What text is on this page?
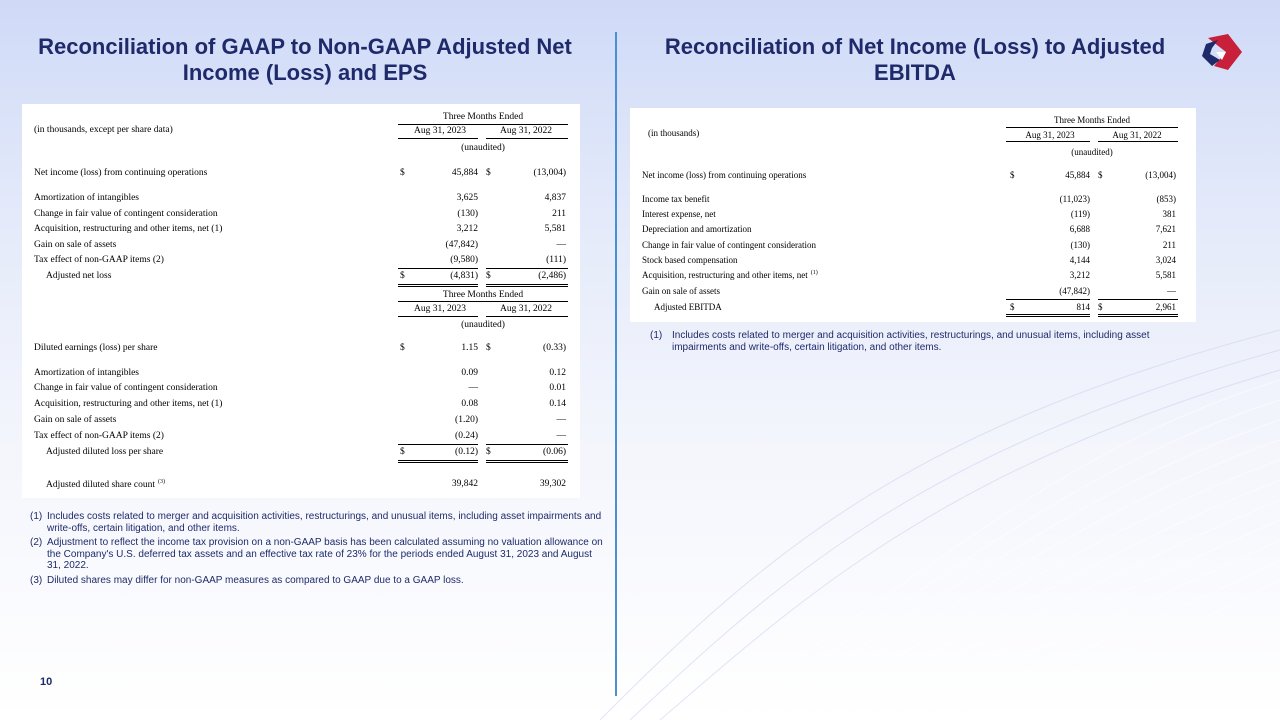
Reconciliation of GAAP to Non-GAAP Adjusted Net Income (Loss) and EPS
Reconciliation of Net Income (Loss) to Adjusted EBITDA
Three Months Ended
(in thousands, except per share data)	Aug 31, 2023	Aug 31, 2022
(unaudited)
Net income (loss) from continuing operations	$	45,884 $	(13,004)
Amortization of intangibles	3,625	4,837
Change in fair value of contingent consideration	(130)	211
Acquisition, restructuring and other items, net (1)	3,212	5,581
Gain on sale of assets	(47,842)	—
Tax effect of non-GAAP items (2)	(9,580)	(111)
Adjusted net loss	$	(4,831) $	(2,486)
Three Months Ended
Aug 31, 2023	Aug 31, 2022
(unaudited)
Diluted earnings (loss) per share	$	1.15 $	(0.33)
Amortization of intangibles	0.09	0.12
Change in fair value of contingent consideration	—	0.01
Acquisition, restructuring and other items, net (1)	0.08	0.14
Gain on sale of assets	(1.20)	—
Tax effect of non-GAAP items (2)	(0.24)	—
Adjusted diluted loss per share	$	(0.12) $	(0.06)
Adjusted diluted share count $^{(3)}$	39,842	39,302
Three Months Ended
(in thousands)	Aug 31, 2023	Aug 31, 2022
(unaudited)
Net income (loss) from continuing operations	$	45,884 $	(13,004)
Income tax benefit	(11,023)	(853)
Interest expense, net	(119)	381
Depreciation and amortization	6,688	7,621
Change in fair value of contingent consideration	(130)	211
Stock based compensation	4,144	3,024
Acquisition, restructuring and other items, net $^{(1)}$	3,212	5,581
Gain on sale of assets	(47,842)	—
Adjusted EBITDA	$	814 $	2,961
(1) Includes costs related to merger and acquisition activities, restructurings, and unusual items, including asset impairments and write-offs, certain litigation, and other items.
(2) Adjustment to reflect the income tax provision on a non-GAAP basis has been calculated assuming no valuation allowance on the Company's U.S. deferred tax assets and an effective tax rate of 23% for the periods ended August 31, 2023 and August 31, 2022.
(3) Diluted shares may differ for non-GAAP measures as compared to GAAP due to a GAAP loss.
(1) Includes costs related to merger and acquisition activities, restructurings, and unusual items, including asset impairments and write-offs, certain litigation, and other items.
10
